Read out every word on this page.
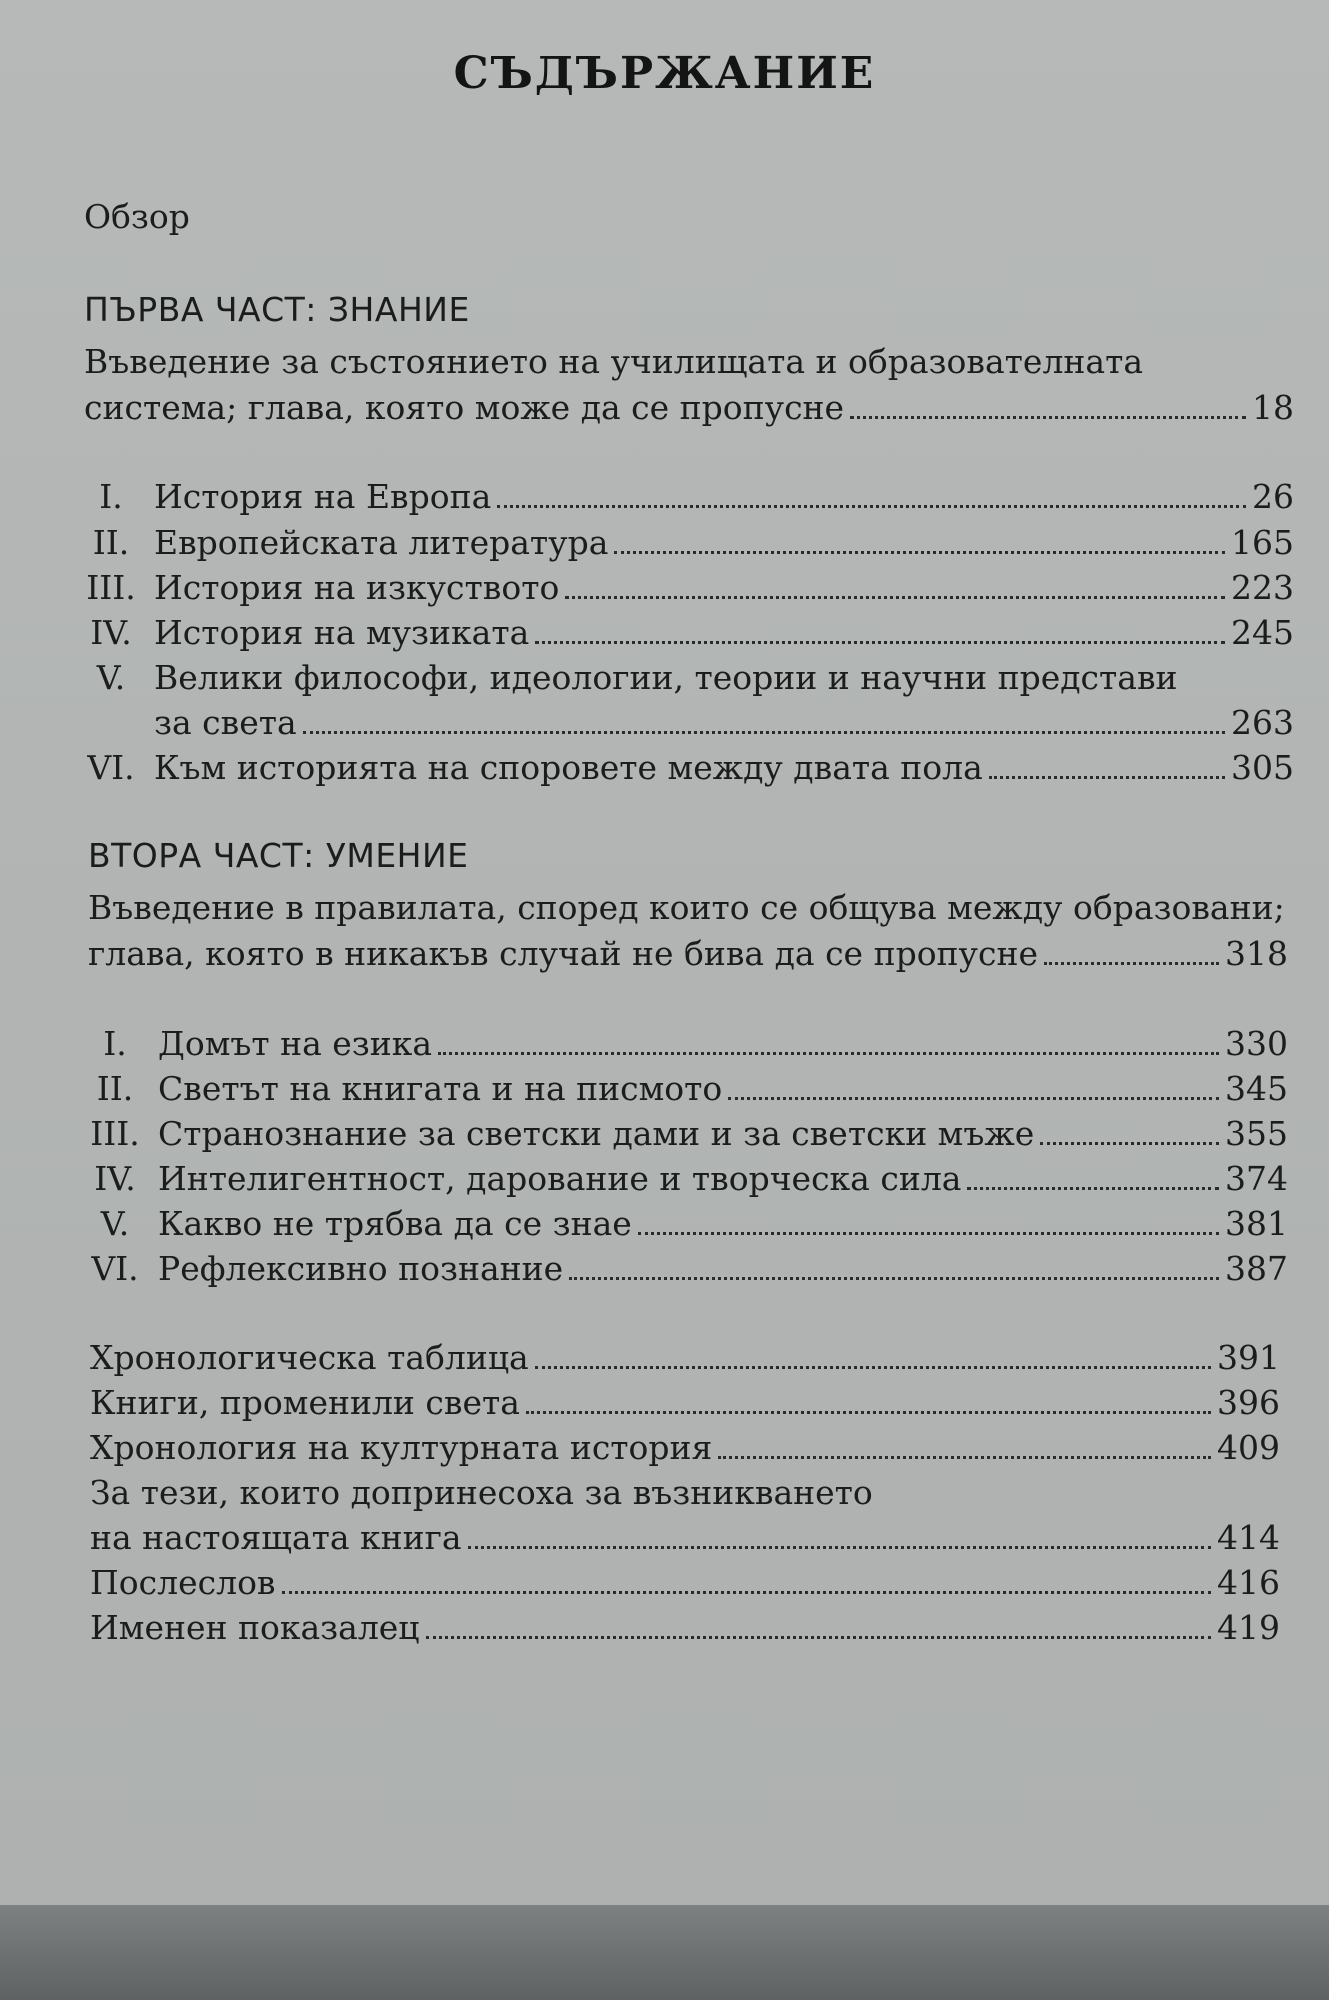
СЪДЪРЖАНИЕ
Обзор
ПЪРВА ЧАСТ: ЗНАНИЕ
Въведение за състоянието на училищата и образователната
система; глава, която може да се пропусне	18
I. История на Европа	26
II. Европейската литература	165
III. История на изкуството	223
IV. История на музиката	245
V. Велики философи, идеологии, теории и научни представи
за света	263
VI. Към историята на споровете между двата пола	305
ВТОРА ЧАСТ: УМЕНИЕ
Въведение в правилата, според които се общува между образовани;
глава, която в никакъв случай не бива да се пропусне	318
I. Домът на езика	330
II. Светът на книгата и на писмото	345
III. Странознание за светски дами и за светски мъже	355
IV. Интелигентност, дарование и творческа сила	374
V. Какво не трябва да се знае	381
VI. Рефлексивно познание	387
Хронологическа таблица	391
Книги, променили света	396
Хронология на културната история	409
За тези, които допринесоха за възникването
на настоящата книга	414
Послеслов	416
Именен показалец	419
